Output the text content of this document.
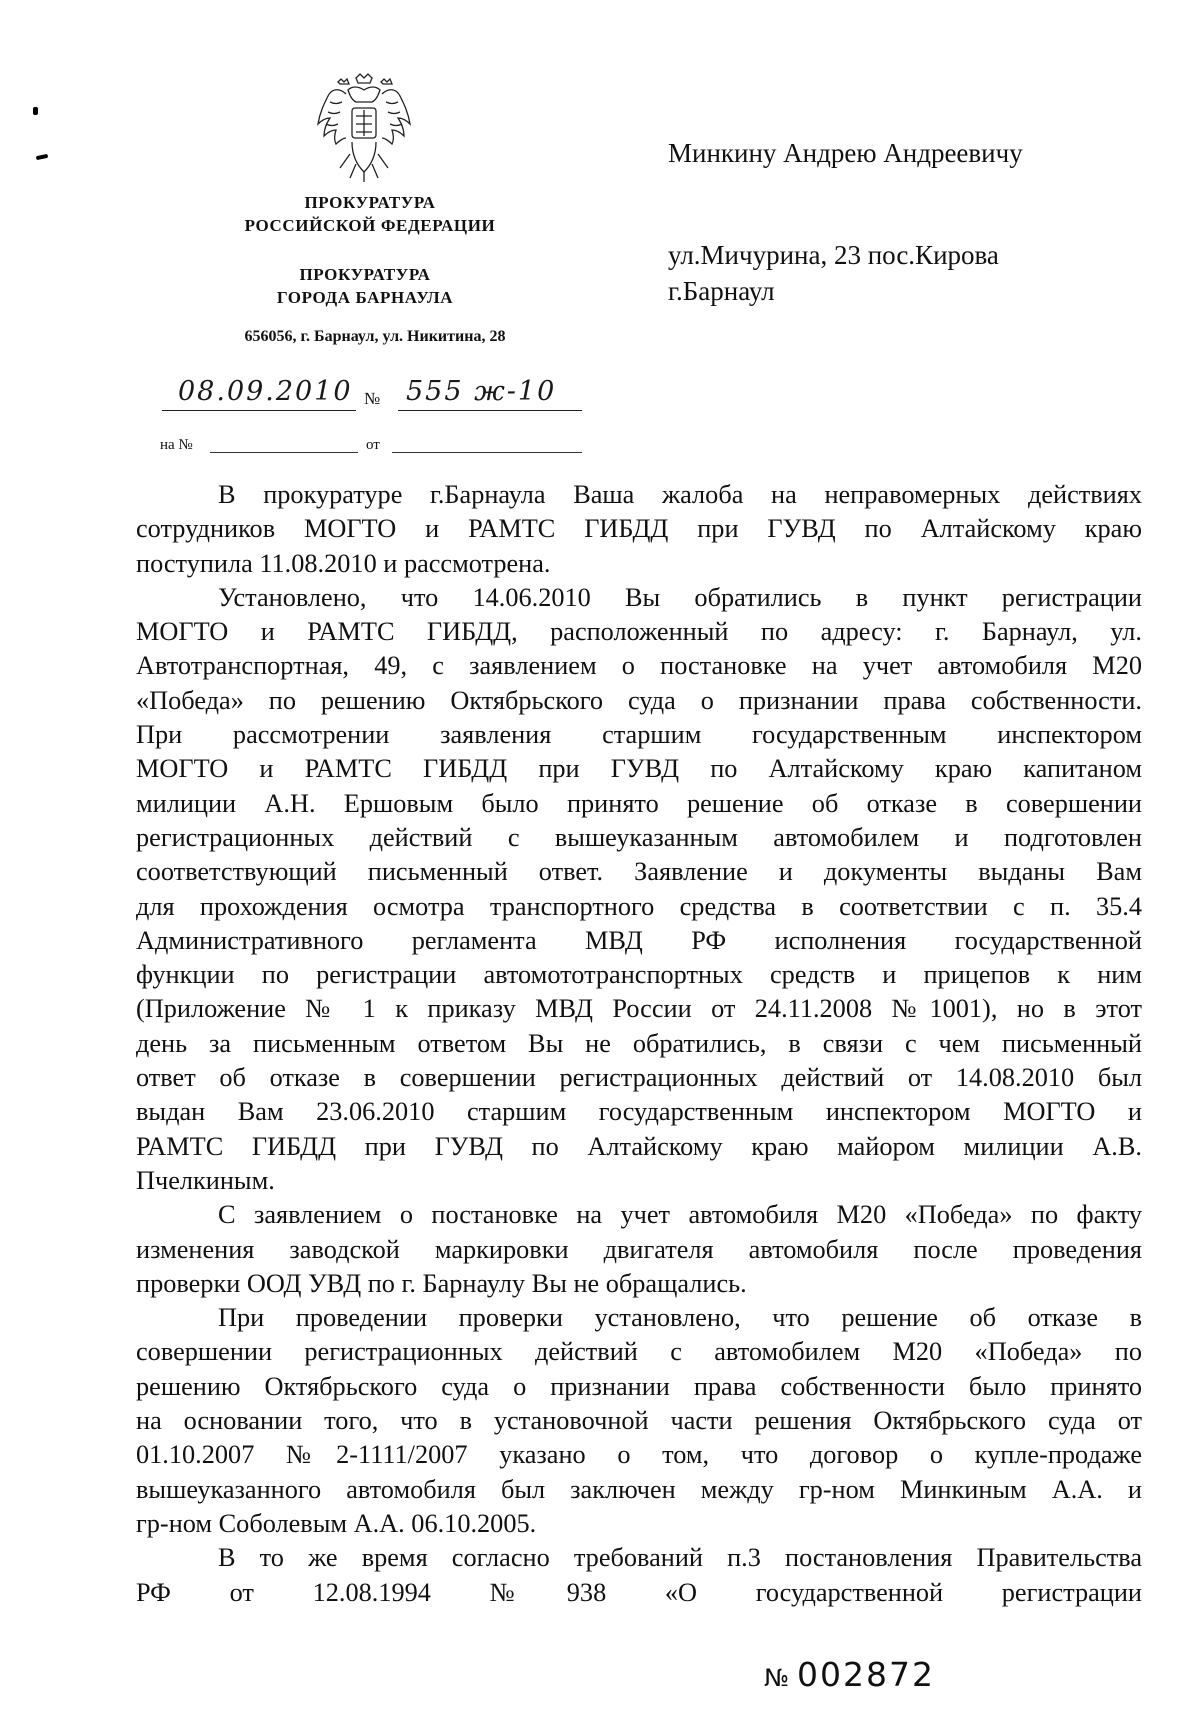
ПРОКУРАТУРА
РОССИЙСКОЙ ФЕДЕРАЦИИ
ПРОКУРАТУРА
ГОРОДА БАРНАУЛА
656056, г. Барнаул, ул. Никитина, 28
08.09.2010 № 555 ж-10
на №	от
Минкину Андрею Андреевичу
ул.Мичурина, 23 пос.Кирова
г.Барнаул
В прокуратуре г.Барнаула Ваша жалоба на неправомерных действиях
сотрудников МОГТО и РАМТС ГИБДД при ГУВД по Алтайскому краю
поступила 11.08.2010 и рассмотрена.
Установлено, что 14.06.2010 Вы обратились в пункт регистрации
МОГТО и РАМТС ГИБДД, расположенный по адресу: г. Барнаул, ул.
Автотранспортная, 49, с заявлением о постановке на учет автомобиля М20
«Победа» по решению Октябрьского суда о признании права собственности.
При рассмотрении заявления старшим государственным инспектором
МОГТО и РАМТС ГИБДД при ГУВД по Алтайскому краю капитаном
милиции А.Н. Ершовым было принято решение об отказе в совершении
регистрационных действий с вышеуказанным автомобилем и подготовлен
соответствующий письменный ответ. Заявление и документы выданы Вам
для прохождения осмотра транспортного средства в соответствии с п. 35.4
Административного регламента МВД РФ исполнения государственной
функции по регистрации автомототранспортных средств и прицепов к ним
(Приложение № 1 к приказу МВД России от 24.11.2008 №1001), но в этот
день за письменным ответом Вы не обратились, в связи с чем письменный
ответ об отказе в совершении регистрационных действий от 14.08.2010 был
выдан Вам 23.06.2010 старшим государственным инспектором МОГТО и
РАМТС ГИБДД при ГУВД по Алтайскому краю майором милиции А.В.
Пчелкиным.
С заявлением о постановке на учет автомобиля М20 «Победа» по факту
изменения заводской маркировки двигателя автомобиля после проведения
проверки ООД УВД по г. Барнаулу Вы не обращались.
При проведении проверки установлено, что решение об отказе в
совершении регистрационных действий с автомобилем М20 «Победа» по
решению Октябрьского суда о признании права собственности было принято
на основании того, что в установочной части решения Октябрьского суда от
01.10.2007 №2-1111/2007 указано о том, что договор о купле-продаже
вышеуказанного автомобиля был заключен между гр-ном Минкиным А.А. и
гр-ном Соболевым А.А. 06.10.2005.
В то же время согласно требований п.3 постановления Правительства
РФ от 12.08.1994 №938 «О государственной регистрации
№ 002872
